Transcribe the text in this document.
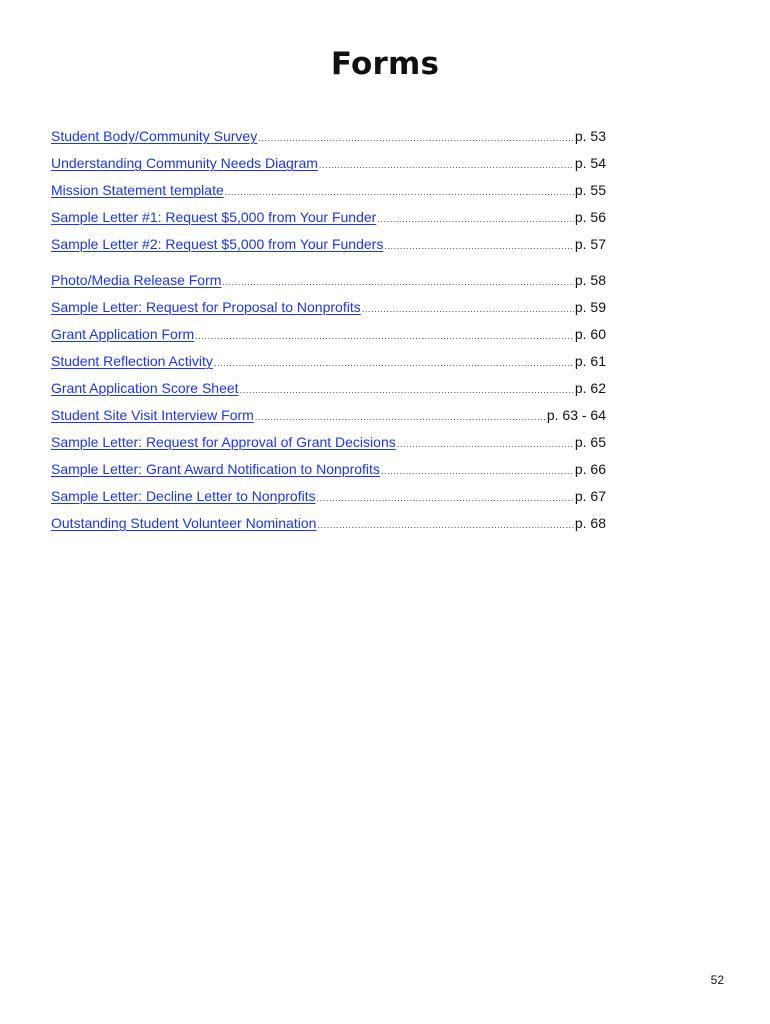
Forms
Student Body/Community Survey .....	p. 53
Understanding Community Needs Diagram .....	p. 54
Mission Statement template .....	p. 55
Sample Letter #1: Request $5,000 from Your Funder .....	p. 56
Sample Letter #2: Request $5,000 from Your Funders .....	p. 57
Photo/Media Release Form .....	p. 58
Sample Letter: Request for Proposal to Nonprofits .....	p. 59
Grant Application Form .....	p. 60
Student Reflection Activity .....	p. 61
Grant Application Score Sheet .....	p. 62
Student Site Visit Interview Form .....	p. 63 - 64
Sample Letter: Request for Approval of Grant Decisions .....	p. 65
Sample Letter: Grant Award Notification to Nonprofits .....	p. 66
Sample Letter: Decline Letter to Nonprofits .....	p. 67
Outstanding Student Volunteer Nomination .....	p. 68
52
